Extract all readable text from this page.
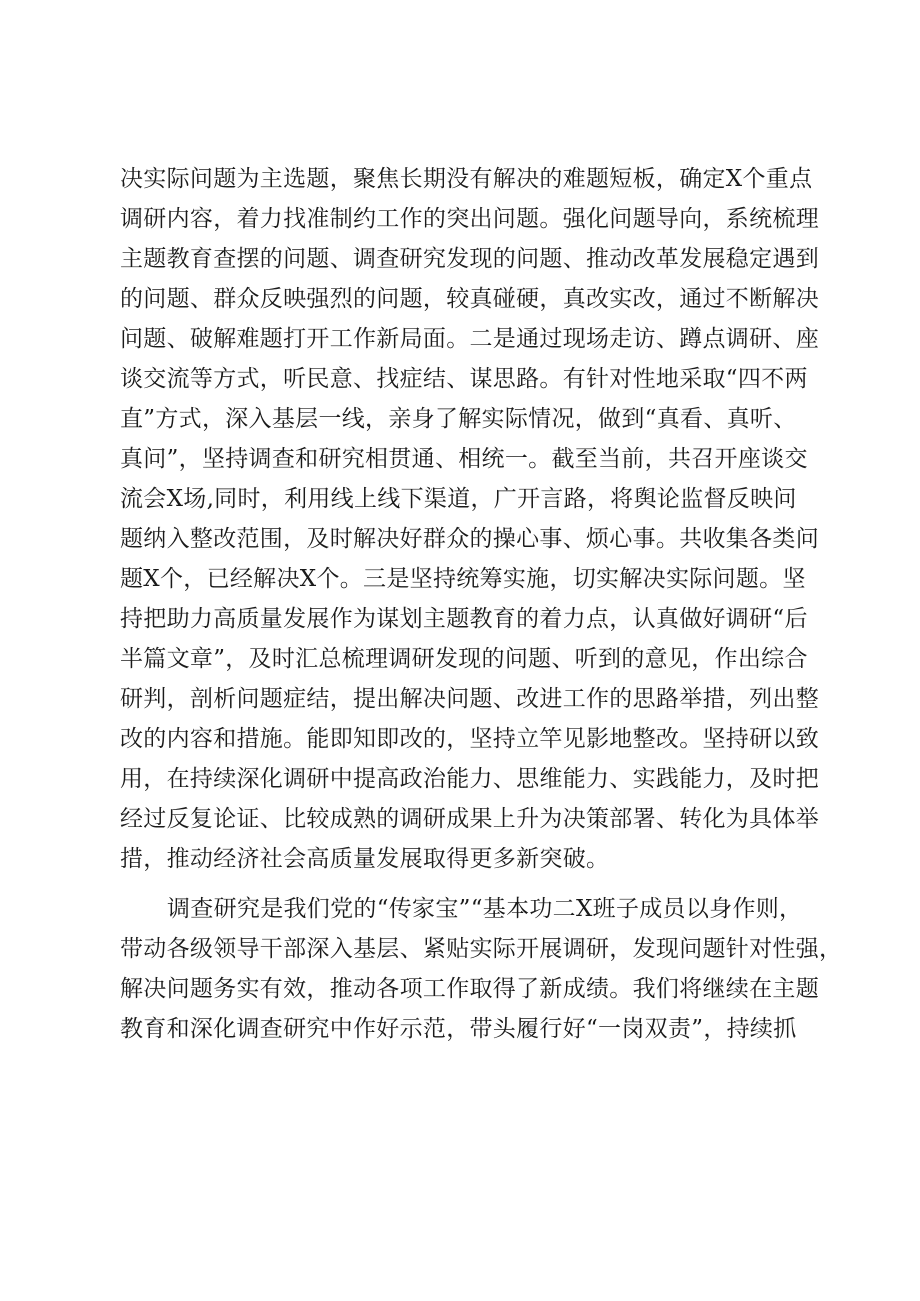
决实际问题为主选题，聚焦长期没有解决的难题短板，确定X个重点
调研内容，着力找准制约工作的突出问题。强化问题导向，系统梳理
主题教育查摆的问题、调查研究发现的问题、推动改革发展稳定遇到
的问题、群众反映强烈的问题，较真碰硬，真改实改，通过不断解决
问题、破解难题打开工作新局面。二是通过现场走访、蹲点调研、座
谈交流等方式，听民意、找症结、谋思路。有针对性地采取“四不两
直”方式，深入基层一线，亲身了解实际情况，做到“真看、真听、
真问”，坚持调查和研究相贯通、相统一。截至当前，共召开座谈交
流会X场,同时，利用线上线下渠道，广开言路，将舆论监督反映问
题纳入整改范围，及时解决好群众的操心事、烦心事。共收集各类问
题X个，已经解决X个。三是坚持统筹实施，切实解决实际问题。坚
持把助力高质量发展作为谋划主题教育的着力点，认真做好调研“后
半篇文章”，及时汇总梳理调研发现的问题、听到的意见，作出综合
研判，剖析问题症结，提出解决问题、改进工作的思路举措，列出整
改的内容和措施。能即知即改的，坚持立竿见影地整改。坚持研以致
用，在持续深化调研中提高政治能力、思维能力、实践能力，及时把
经过反复论证、比较成熟的调研成果上升为决策部署、转化为具体举
措，推动经济社会高质量发展取得更多新突破。
调查研究是我们党的“传家宝”“基本功二X班子成员以身作则，
带动各级领导干部深入基层、紧贴实际开展调研，发现问题针对性强，
解决问题务实有效，推动各项工作取得了新成绩。我们将继续在主题
教育和深化调查研究中作好示范，带头履行好“一岗双责”，持续抓
